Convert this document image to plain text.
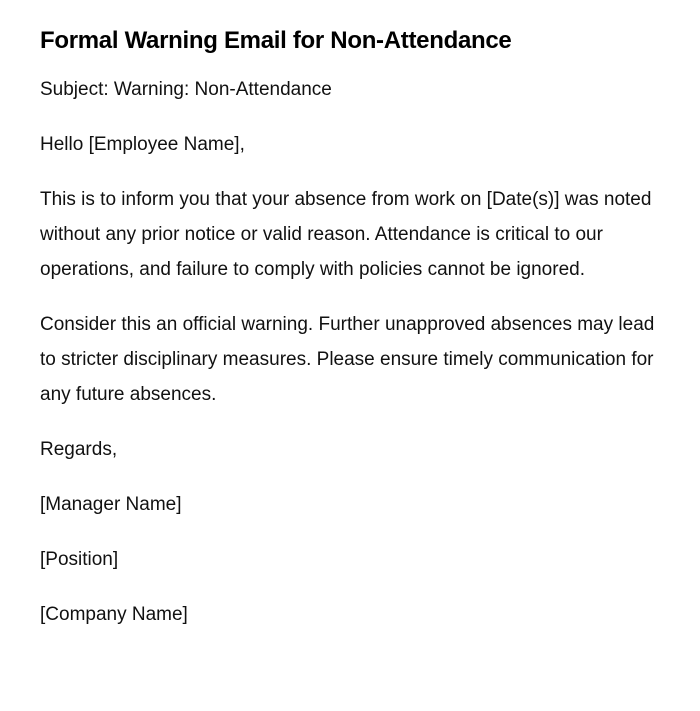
Formal Warning Email for Non-Attendance

Subject: Warning: Non-Attendance

Hello [Employee Name],

This is to inform you that your absence from work on [Date(s)] was noted without any prior notice or valid reason. Attendance is critical to our operations, and failure to comply with policies cannot be ignored.

Consider this an official warning. Further unapproved absences may lead to stricter disciplinary measures. Please ensure timely communication for any future absences.

Regards,

[Manager Name]

[Position]

[Company Name]
